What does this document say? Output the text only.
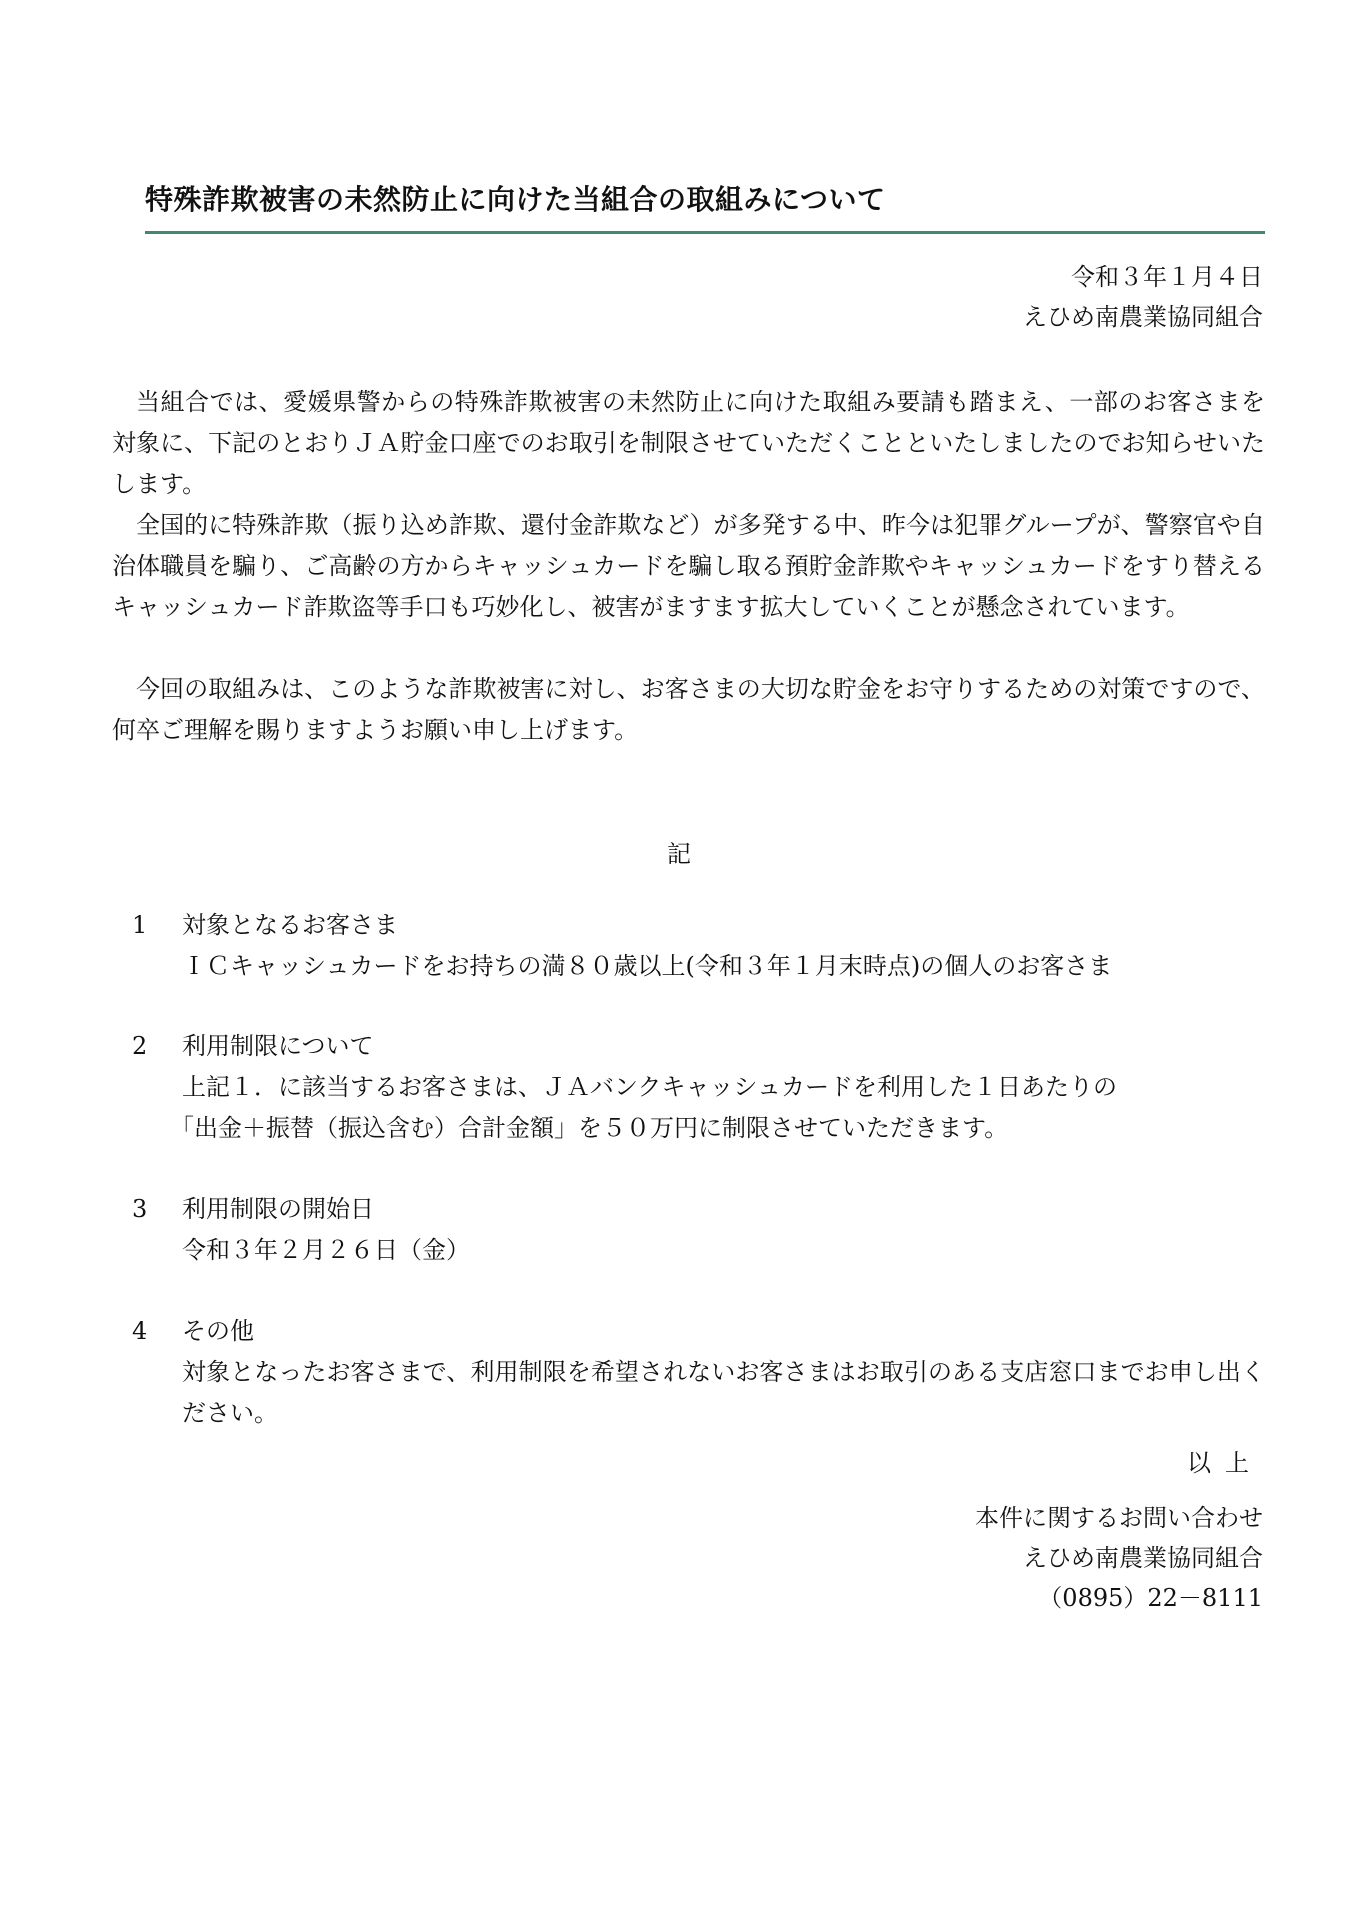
特殊詐欺被害の未然防止に向けた当組合の取組みについて
令和３年１月４日
えひめ南農業協同組合

当組合では、愛媛県警からの特殊詐欺被害の未然防止に向けた取組み要請も踏まえ、一部のお客さまを対象に、下記のとおりＪＡ貯金口座でのお取引を制限させていただくことといたしましたのでお知らせいたします。

全国的に特殊詐欺（振り込め詐欺、還付金詐欺など）が多発する中、昨今は犯罪グループが、警察官や自治体職員を騙り、ご高齢の方からキャッシュカードを騙し取る預貯金詐欺やキャッシュカードをすり替えるキャッシュカード詐欺盗等手口も巧妙化し、被害がますます拡大していくことが懸念されています。

今回の取組みは、このような詐欺被害に対し、お客さまの大切な貯金をお守りするための対策ですので、何卒ご理解を賜りますようお願い申し上げます。

記
1 対象となるお客さま

ＩＣキャッシュカードをお持ちの満８０歳以上(令和３年１月末時点)の個人のお客さま

2 利用制限について

上記１．に該当するお客さまは、ＪＡバンクキャッシュカードを利用した１日あたりの

「出金＋振替（振込含む）合計金額」を５０万円に制限させていただきます。

3 利用制限の開始日

令和３年２月２６日（金）

4 その他

対象となったお客さまで、利用制限を希望されないお客さまはお取引のある支店窓口までお申し出ください。

以上
本件に関するお問い合わせ
えひめ南農業協同組合
（0895）22－8111
